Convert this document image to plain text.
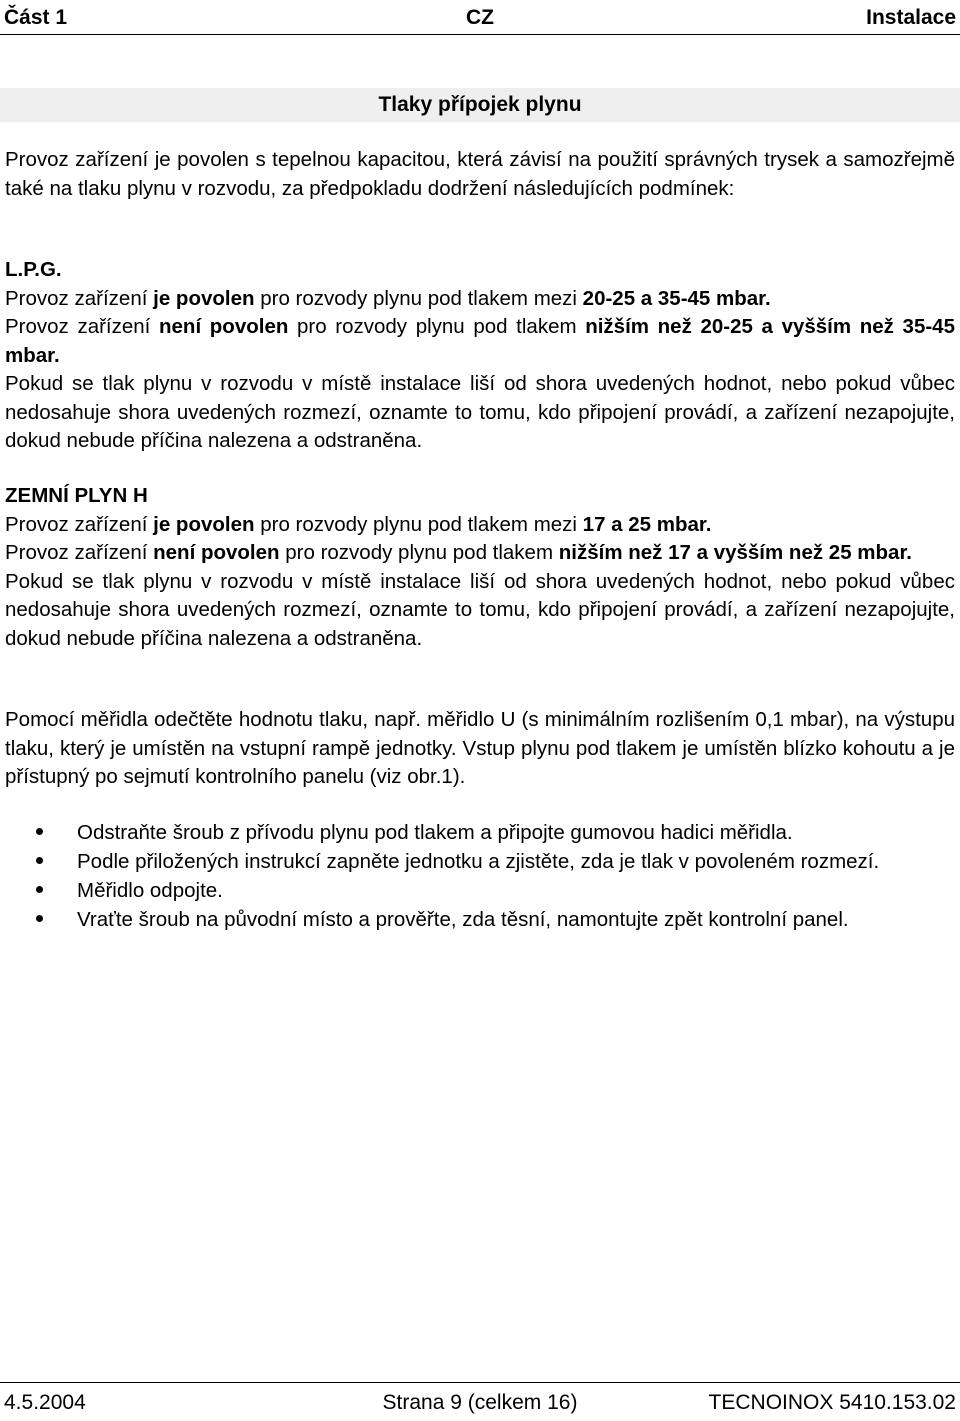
Část 1	CZ	Instalace
Tlaky přípojek plynu

Provoz zařízení je povolen s tepelnou kapacitou, která závisí na použití správných trysek a samozřejmě také na tlaku plynu v rozvodu, za předpokladu dodržení následujících podmínek:

L.P.G.
Provoz zařízení je povolen pro rozvody plynu pod tlakem mezi 20-25 a 35-45 mbar.
Provoz zařízení není povolen pro rozvody plynu pod tlakem nižším než 20-25 a vyšším než 35-45 mbar.
Pokud se tlak plynu v rozvodu v místě instalace liší od shora uvedených hodnot, nebo pokud vůbec nedosahuje shora uvedených rozmezí, oznamte to tomu, kdo připojení provádí, a zařízení nezapojujte, dokud nebude příčina nalezena a odstraněna.
ZEMNÍ PLYN H
Provoz zařízení je povolen pro rozvody plynu pod tlakem mezi 17 a 25 mbar.
Provoz zařízení není povolen pro rozvody plynu pod tlakem nižším než 17 a vyšším než 25 mbar.
Pokud se tlak plynu v rozvodu v místě instalace liší od shora uvedených hodnot, nebo pokud vůbec nedosahuje shora uvedených rozmezí, oznamte to tomu, kdo připojení provádí, a zařízení nezapojujte, dokud nebude příčina nalezena a odstraněna.

Pomocí měřidla odečtěte hodnotu tlaku, např. měřidlo U (s minimálním rozlišením 0,1 mbar), na výstupu tlaku, který je umístěn na vstupní rampě jednotky. Vstup plynu pod tlakem je umístěn blízko kohoutu a je přístupný po sejmutí kontrolního panelu (viz obr.1).

Odstraňte šroub z přívodu plynu pod tlakem a připojte gumovou hadici měřidla.
Podle přiložených instrukcí zapněte jednotku a zjistěte, zda je tlak v povoleném rozmezí.
Měřidlo odpojte.
Vraťte šroub na původní místo a prověřte, zda těsní, namontujte zpět kontrolní panel.
4.5.2004	Strana 9 (celkem 16)	TECNOINOX 5410.153.02
